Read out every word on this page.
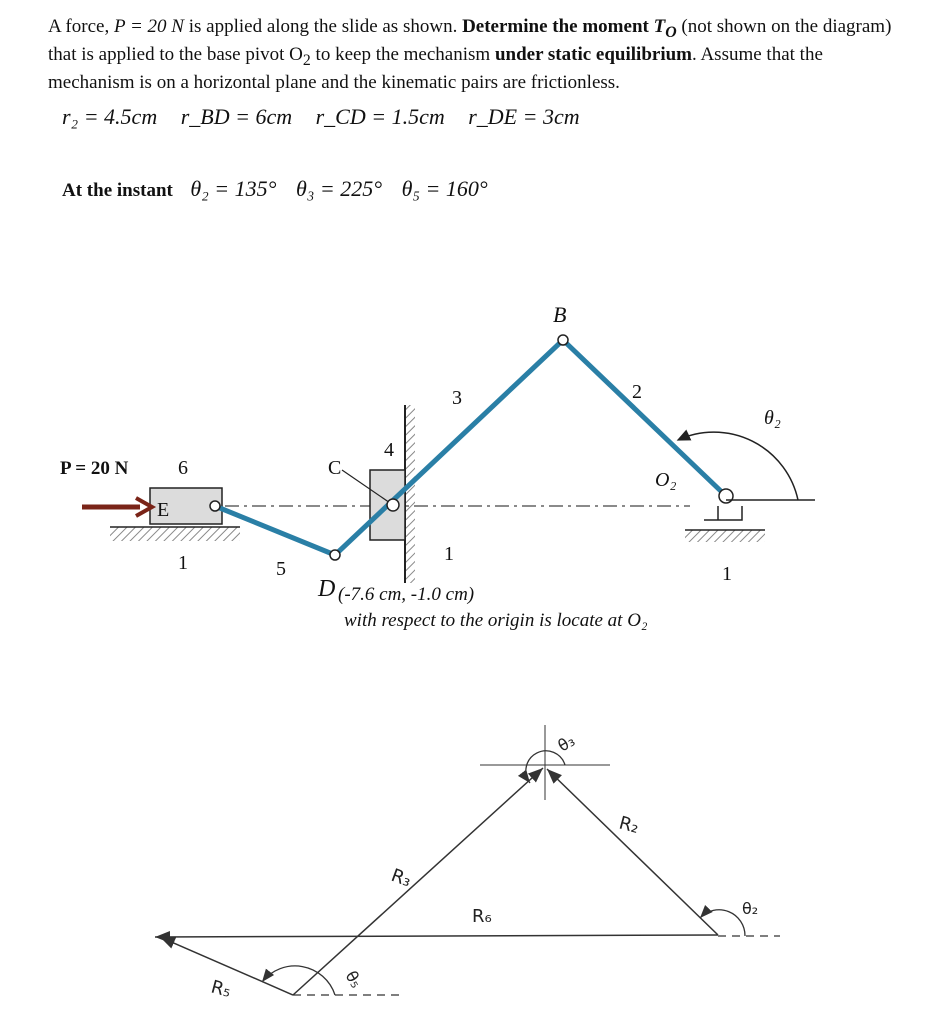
A force, P = 20 N is applied along the slide as shown. Determine the moment $T_O$ (not shown on the diagram) that is applied to the base pivot $O_2$ to keep the mechanism under static equilibrium. Assume that the mechanism is on a horizontal plane and the kinematic pairs are frictionless.
r₂ = 4.5cm r_BD = 6cm r_CD = 1.5cm r_DE = 3cm
At the instant θ₂ = 135° θ₃ = 225° θ₅ = 160°
P = 20 N 6
E
1	5
C
4
3
B
2
O₂
θ₂
1
1
D (-7.6 cm, -1.0 cm)
with respect to the origin is locate at O₂
θ₃
R₂
R₃
R₆	θ₂
R₅	θ₅
